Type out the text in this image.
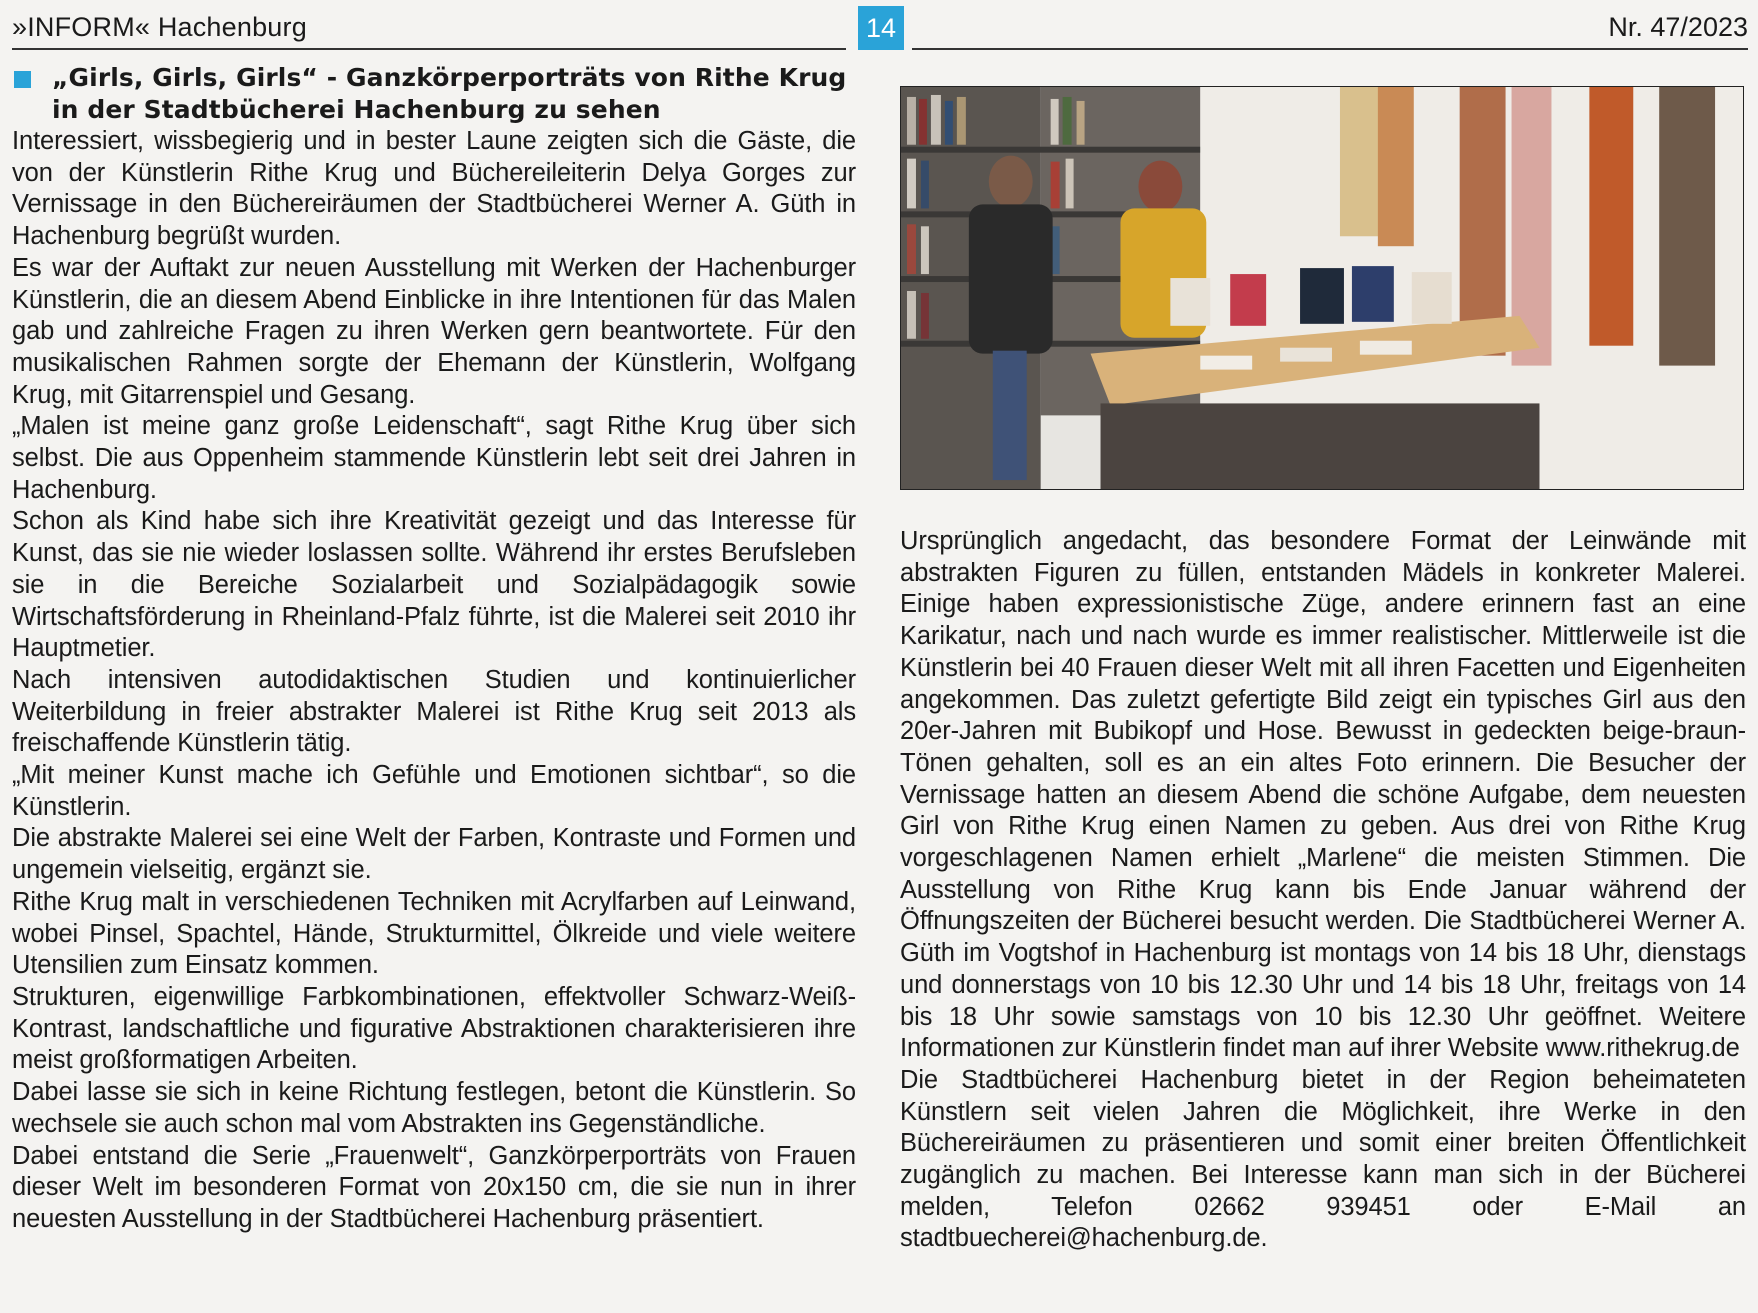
»INFORM« Hachenburg	14	Nr. 47/2023
„Girls, Girls, Girls“ - Ganzkörperporträts von Rithe Krug in der Stadtbücherei Hachenburg zu sehen

Interessiert, wissbegierig und in bester Laune zeigten sich die Gäste, die von der Künstlerin Rithe Krug und Büchereileiterin Delya Gorges zur Vernissage in den Büchereiräumen der Stadtbücherei Werner A. Güth in Hachenburg begrüßt wurden.

Es war der Auftakt zur neuen Ausstellung mit Werken der Hachenburger Künstlerin, die an diesem Abend Einblicke in ihre Intentionen für das Malen gab und zahlreiche Fragen zu ihren Werken gern beantwortete. Für den musikalischen Rahmen sorgte der Ehemann der Künstlerin, Wolfgang Krug, mit Gitarrenspiel und Gesang.

„Malen ist meine ganz große Leidenschaft“, sagt Rithe Krug über sich selbst. Die aus Oppenheim stammende Künstlerin lebt seit drei Jahren in Hachenburg.

Schon als Kind habe sich ihre Kreativität gezeigt und das Interesse für Kunst, das sie nie wieder loslassen sollte. Während ihr erstes Berufsleben sie in die Bereiche Sozialarbeit und Sozialpädagogik sowie Wirtschaftsförderung in Rheinland-Pfalz führte, ist die Malerei seit 2010 ihr Hauptmetier.

Nach intensiven autodidaktischen Studien und kontinuierlicher Weiterbildung in freier abstrakter Malerei ist Rithe Krug seit 2013 als freischaffende Künstlerin tätig.

„Mit meiner Kunst mache ich Gefühle und Emotionen sichtbar“, so die Künstlerin.

Die abstrakte Malerei sei eine Welt der Farben, Kontraste und Formen und ungemein vielseitig, ergänzt sie.

Rithe Krug malt in verschiedenen Techniken mit Acrylfarben auf Leinwand, wobei Pinsel, Spachtel, Hände, Strukturmittel, Ölkreide und viele weitere Utensilien zum Einsatz kommen.

Strukturen, eigenwillige Farbkombinationen, effektvoller Schwarz-Weiß-Kontrast, landschaftliche und figurative Abstraktionen charakterisieren ihre meist großformatigen Arbeiten.

Dabei lasse sie sich in keine Richtung festlegen, betont die Künstlerin. So wechsele sie auch schon mal vom Abstrakten ins Gegenständliche.

Dabei entstand die Serie „Frauenwelt“, Ganzkörperporträts von Frauen dieser Welt im besonderen Format von 20x150 cm, die sie nun in ihrer neuesten Ausstellung in der Stadtbücherei Hachenburg präsentiert.

Ursprünglich angedacht, das besondere Format der Leinwände mit abstrakten Figuren zu füllen, entstanden Mädels in konkreter Malerei. Einige haben expressionistische Züge, andere erinnern fast an eine Karikatur, nach und nach wurde es immer realistischer. Mittlerweile ist die Künstlerin bei 40 Frauen dieser Welt mit all ihren Facetten und Eigenheiten angekommen. Das zuletzt gefertigte Bild zeigt ein typisches Girl aus den 20er-Jahren mit Bubikopf und Hose. Bewusst in gedeckten beige-braun-Tönen gehalten, soll es an ein altes Foto erinnern. Die Besucher der Vernissage hatten an diesem Abend die schöne Aufgabe, dem neuesten Girl von Rithe Krug einen Namen zu geben. Aus drei von Rithe Krug vorgeschlagenen Namen erhielt „Marlene“ die meisten Stimmen. Die Ausstellung von Rithe Krug kann bis Ende Januar während der Öffnungszeiten der Bücherei besucht werden. Die Stadtbücherei Werner A. Güth im Vogtshof in Hachenburg ist montags von 14 bis 18 Uhr, dienstags und donnerstags von 10 bis 12.30 Uhr und 14 bis 18 Uhr, freitags von 14 bis 18 Uhr sowie samstags von 10 bis 12.30 Uhr geöffnet. Weitere Informationen zur Künstlerin findet man auf ihrer Website www.rithekrug.de

Die Stadtbücherei Hachenburg bietet in der Region beheimateten Künstlern seit vielen Jahren die Möglichkeit, ihre Werke in den Büchereiräumen zu präsentieren und somit einer breiten Öffentlichkeit zugänglich zu machen. Bei Interesse kann man sich in der Bücherei melden, Telefon 02662 939451 oder E-Mail an stadtbuecherei@hachenburg.de.
